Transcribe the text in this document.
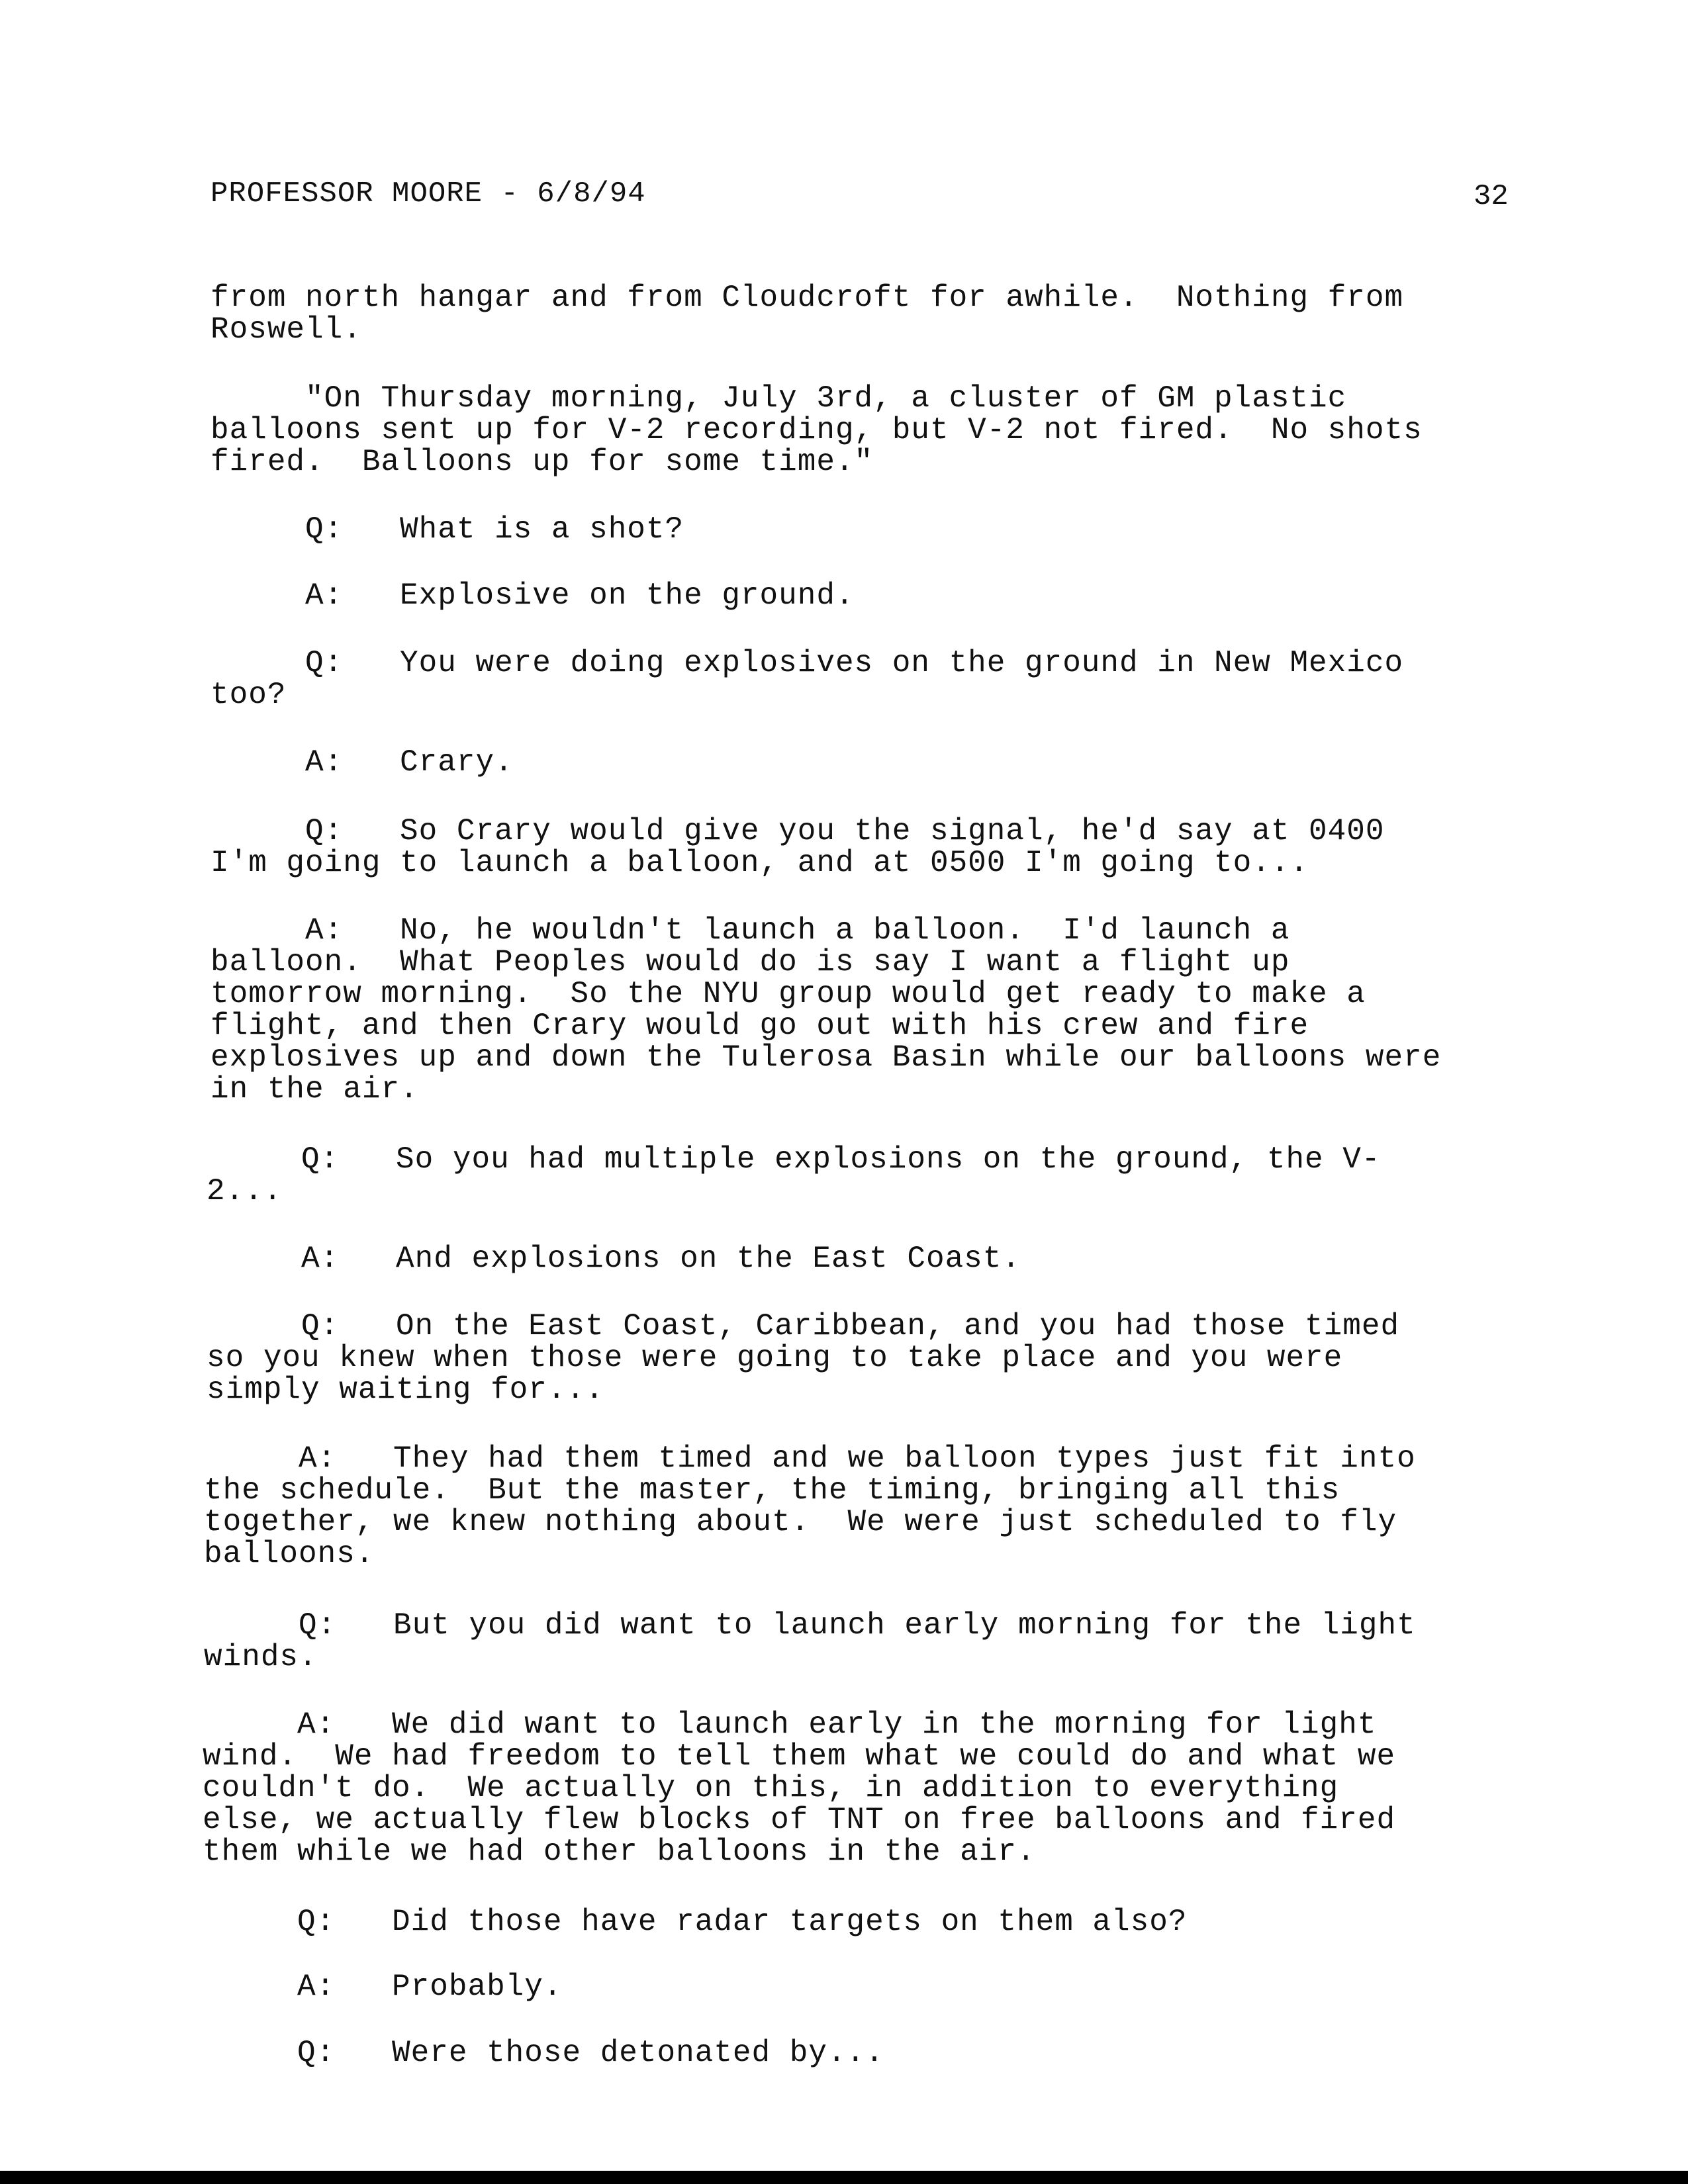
PROFESSOR MOORE - 6/8/94	32
from north hangar and from Cloudcroft for awhile.  Nothing from
Roswell.
"On Thursday morning, July 3rd, a cluster of GM plastic
balloons sent up for V-2 recording, but V-2 not fired.  No shots
fired.  Balloons up for some time."
Q:   What is a shot?
A:   Explosive on the ground.
Q:   You were doing explosives on the ground in New Mexico
too?
A:   Crary.
Q:   So Crary would give you the signal, he'd say at 0400
I'm going to launch a balloon, and at 0500 I'm going to...
A:   No, he wouldn't launch a balloon.  I'd launch a
balloon.  What Peoples would do is say I want a flight up
tomorrow morning.  So the NYU group would get ready to make a
flight, and then Crary would go out with his crew and fire
explosives up and down the Tulerosa Basin while our balloons were
in the air.
Q:   So you had multiple explosions on the ground, the V-
2...
A:   And explosions on the East Coast.
Q:   On the East Coast, Caribbean, and you had those timed
so you knew when those were going to take place and you were
simply waiting for...
A:   They had them timed and we balloon types just fit into
the schedule.  But the master, the timing, bringing all this
together, we knew nothing about.  We were just scheduled to fly
balloons.
Q:   But you did want to launch early morning for the light
winds.
A:   We did want to launch early in the morning for light
wind.  We had freedom to tell them what we could do and what we
couldn't do.  We actually on this, in addition to everything
else, we actually flew blocks of TNT on free balloons and fired
them while we had other balloons in the air.
Q:   Did those have radar targets on them also?
A:   Probably.
Q:   Were those detonated by...
